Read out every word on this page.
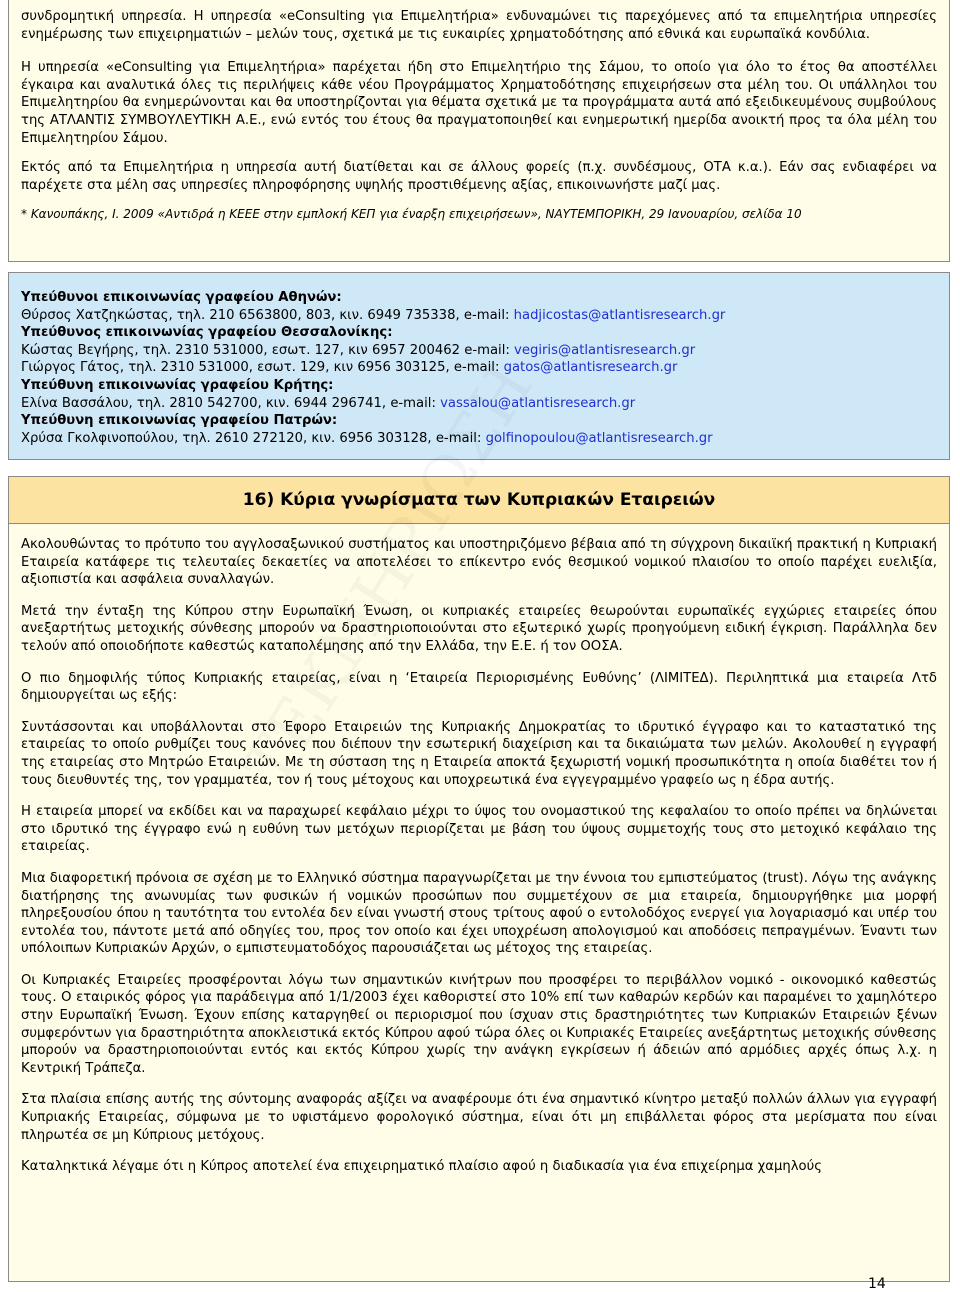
συνδρομητική υπηρεσία. Η υπηρεσία «eConsulting για Επιμελητήρια» ενδυναμώνει τις παρεχόμενες από τα επιμελητήρια υπηρεσίες ενημέρωσης των επιχειρηματιών – μελών τους, σχετικά με τις ευκαιρίες χρηματοδότησης από εθνικά και ευρωπαϊκά κονδύλια.

Η υπηρεσία «eConsulting για Επιμελητήρια» παρέχεται ήδη στο Επιμελητήριο της Σάμου, το οποίο για όλο το έτος θα αποστέλλει έγκαιρα και αναλυτικά όλες τις περιλήψεις κάθε νέου Προγράμματος Χρηματοδότησης επιχειρήσεων στα μέλη του. Οι υπάλληλοι του Επιμελητηρίου θα ενημερώνονται και θα υποστηρίζονται για θέματα σχετικά με τα προγράμματα αυτά από εξειδικευμένους συμβούλους της ΑΤΛΑΝΤΙΣ ΣΥΜΒΟΥΛΕΥΤΙΚΗ Α.Ε., ενώ εντός του έτους θα πραγματοποιηθεί και ενημερωτική ημερίδα ανοικτή προς τα όλα μέλη του Επιμελητηρίου Σάμου.

Εκτός από τα Επιμελητήρια η υπηρεσία αυτή διατίθεται και σε άλλους φορείς (π.χ. συνδέσμους, ΟΤΑ κ.α.). Εάν σας ενδιαφέρει να παρέχετε στα μέλη σας υπηρεσίες πληροφόρησης υψηλής προστιθέμενης αξίας, επικοινωνήστε μαζί μας.

* Κανουπάκης, Ι. 2009 «Αντιδρά η ΚΕΕΕ στην εμπλοκή ΚΕΠ για έναρξη επιχειρήσεων», ΝΑΥΤΕΜΠΟΡΙΚΗ, 29 Ιανουαρίου, σελίδα 10

Υπεύθυνοι επικοινωνίας γραφείου Αθηνών:
Θύρσος Χατζηκώστας, τηλ. 210 6563800, 803, κιν. 6949 735338, e-mail: hadjicostas@atlantisresearch.gr
Υπεύθυνος επικοινωνίας γραφείου Θεσσαλονίκης:
Κώστας Βεγήρης, τηλ. 2310 531000, εσωτ. 127, κιν 6957 200462 e-mail: vegiris@atlantisresearch.gr
Γιώργος Γάτος, τηλ. 2310 531000, εσωτ. 129, κιν 6956 303125, e-mail: gatos@atlantisresearch.gr
Υπεύθυνη επικοινωνίας γραφείου Κρήτης:
Ελίνα Βασσάλου, τηλ. 2810 542700, κιν. 6944 296741, e-mail: vassalou@atlantisresearch.gr
Υπεύθυνη επικοινωνίας γραφείου Πατρών:
Χρύσα Γκολφινοπούλου, τηλ. 2610 272120, κιν. 6956 303128, e-mail: golfinopoulou@atlantisresearch.gr
16) Κύρια γνωρίσματα των Κυπριακών Εταιρειών

Ακολουθώντας το πρότυπο του αγγλοσαξωνικού συστήματος και υποστηριζόμενο βέβαια από τη σύγχρονη δικαιϊκή πρακτική η Κυπριακή Εταιρεία κατάφερε τις τελευταίες δεκαετίες να αποτελέσει το επίκεντρο ενός θεσμικού νομικού πλαισίου το οποίο παρέχει ευελιξία, αξιοπιστία και ασφάλεια συναλλαγών.

Μετά την ένταξη της Κύπρου στην Ευρωπαϊκή Ένωση, οι κυπριακές εταιρείες θεωρούνται ευρωπαϊκές εγχώριες εταιρείες όπου ανεξαρτήτως μετοχικής σύνθεσης μπορούν να δραστηριοποιούνται στο εξωτερικό χωρίς προηγούμενη ειδική έγκριση. Παράλληλα δεν τελούν από οποιοδήποτε καθεστώς καταπολέμησης από την Ελλάδα, την Ε.Ε. ή τον ΟΟΣΑ.

Ο πιο δημοφιλής τύπος Κυπριακής εταιρείας, είναι η ‘Εταιρεία Περιορισμένης Ευθύνης’ (ΛΙΜΙΤΕΔ). Περιληπτικά μια εταιρεία Λτδ δημιουργείται ως εξής:

Συντάσσονται και υποβάλλονται στο Έφορο Εταιρειών της Κυπριακής Δημοκρατίας το ιδρυτικό έγγραφο και το καταστατικό της εταιρείας το οποίο ρυθμίζει τους κανόνες που διέπουν την εσωτερική διαχείριση και τα δικαιώματα των μελών. Ακολουθεί η εγγραφή της εταιρείας στο Μητρώο Εταιρειών. Με τη σύσταση της η Εταιρεία αποκτά ξεχωριστή νομική προσωπικότητα η οποία διαθέτει τον ή τους διευθυντές της, τον γραμματέα, τον ή τους μέτοχους και υποχρεωτικά ένα εγγεγραμμένο γραφείο ως η έδρα αυτής.

Η εταιρεία μπορεί να εκδίδει και να παραχωρεί κεφάλαιο μέχρι το ύψος του ονομαστικού της κεφαλαίου το οποίο πρέπει να δηλώνεται στο ιδρυτικό της έγγραφο ενώ η ευθύνη των μετόχων περιορίζεται με βάση του ύψους συμμετοχής τους στο μετοχικό κεφάλαιο της εταιρείας.

Μια διαφορετική πρόνοια σε σχέση με το Ελληνικό σύστημα παραγνωρίζεται με την έννοια του εμπιστεύματος (trust). Λόγω της ανάγκης διατήρησης της ανωνυμίας των φυσικών ή νομικών προσώπων που συμμετέχουν σε μια εταιρεία, δημιουργήθηκε μια μορφή πληρεξουσίου όπου η ταυτότητα του εντολέα δεν είναι γνωστή στους τρίτους αφού ο εντολοδόχος ενεργεί για λογαριασμό και υπέρ του εντολέα του, πάντοτε μετά από οδηγίες του, προς τον οποίο και έχει υποχρέωση απολογισμού και αποδόσεις πεπραγμένων. Έναντι των υπόλοιπων Κυπριακών Αρχών, ο εμπιστευματοδόχος παρουσιάζεται ως μέτοχος της εταιρείας.

Οι Κυπριακές Εταιρείες προσφέρονται λόγω των σημαντικών κινήτρων που προσφέρει το περιβάλλον νομικό - οικονομικό καθεστώς τους. Ο εταιρικός φόρος για παράδειγμα από 1/1/2003 έχει καθοριστεί στο 10% επί των καθαρών κερδών και παραμένει το χαμηλότερο στην Ευρωπαϊκή Ένωση. Έχουν επίσης καταργηθεί οι περιορισμοί που ίσχυαν στις δραστηριότητες των Κυπριακών Εταιρειών ξένων συμφερόντων για δραστηριότητα αποκλειστικά εκτός Κύπρου αφού τώρα όλες οι Κυπριακές Εταιρείες ανεξάρτητως μετοχικής σύνθεσης μπορούν να δραστηριοποιούνται εντός και εκτός Κύπρου χωρίς την ανάγκη εγκρίσεων ή άδειών από αρμόδιες αρχές όπως λ.χ. η Κεντρική Τράπεζα.

Στα πλαίσια επίσης αυτής της σύντομης αναφοράς αξίζει να αναφέρουμε ότι ένα σημαντικό κίνητρο μεταξύ πολλών άλλων για εγγραφή Κυπριακής Εταιρείας, σύμφωνα με το υφιστάμενο φορολογικό σύστημα, είναι ότι μη επιβάλλεται φόρος στα μερίσματα που είναι πληρωτέα σε μη Κύπριους μετόχους.

Καταληκτικά λέγαμε ότι η Κύπρος αποτελεί ένα επιχειρηματικό πλαίσιο αφού η διαδικασία για ένα επιχείρημα χαμηλούς

14
